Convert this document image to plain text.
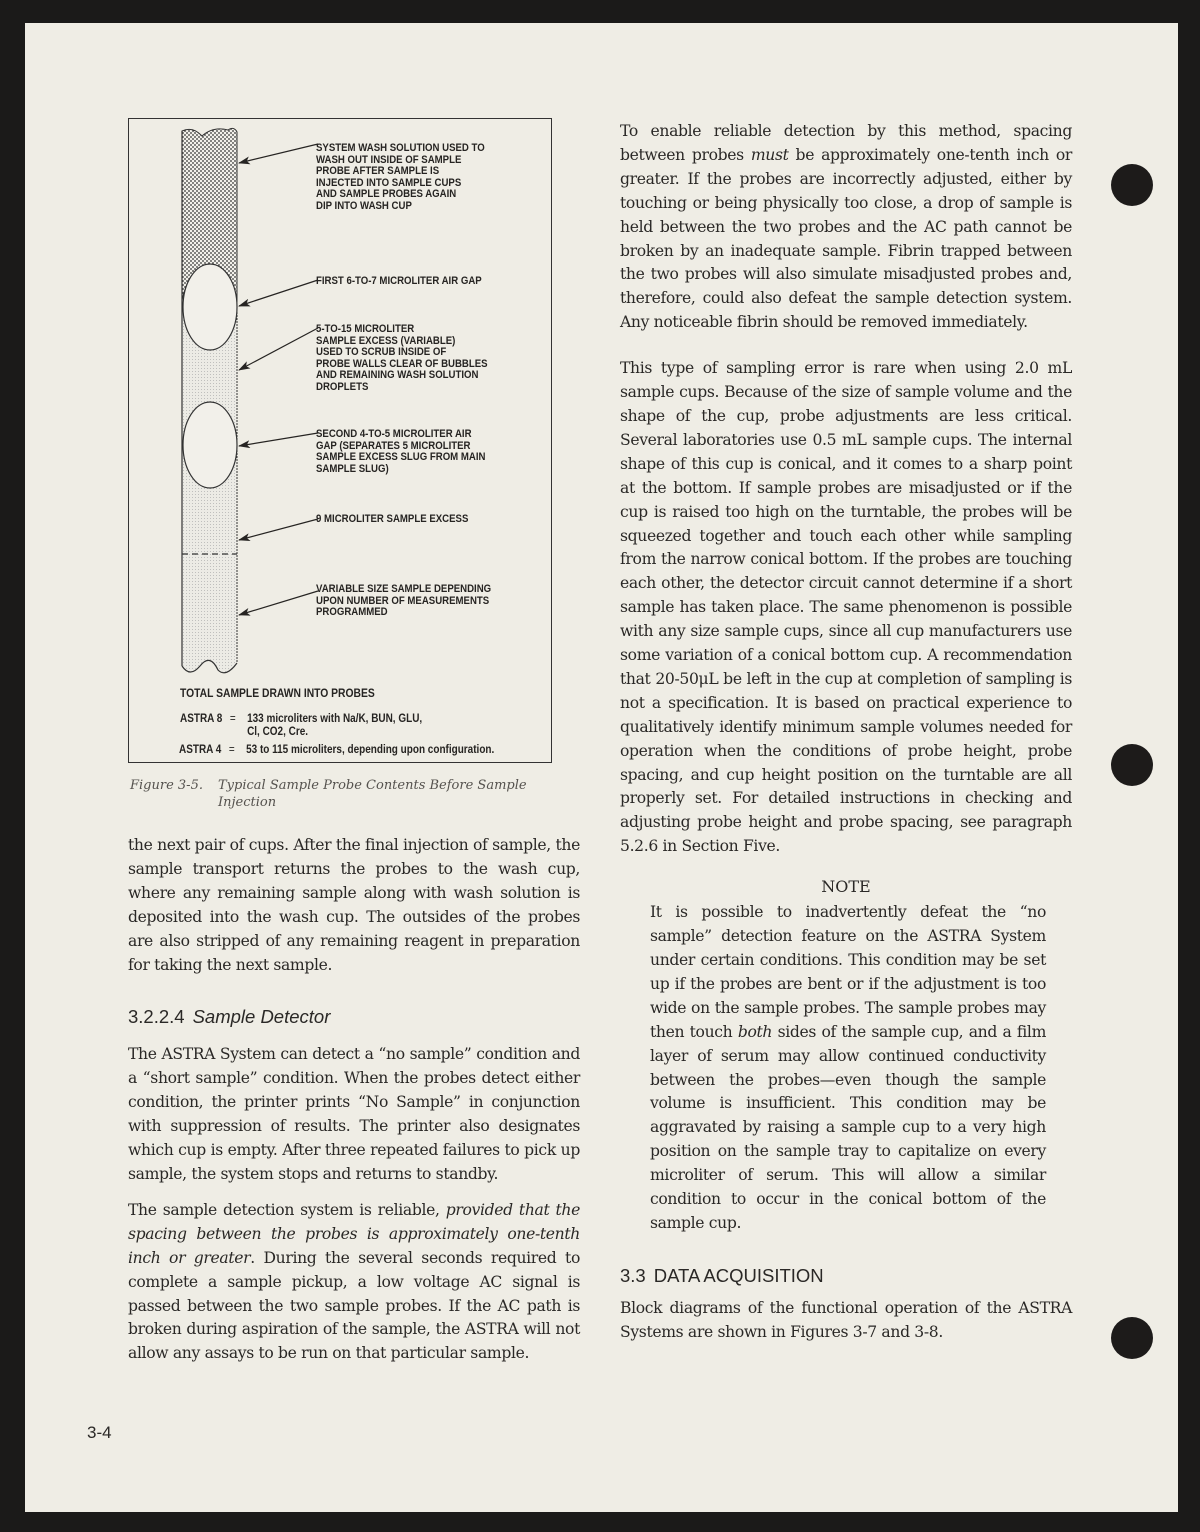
SYSTEM WASH SOLUTION USED TO
WASH OUT INSIDE OF SAMPLE
PROBE AFTER SAMPLE IS
INJECTED INTO SAMPLE CUPS
AND SAMPLE PROBES AGAIN
DIP INTO WASH CUP
FIRST 6-TO-7 MICROLITER AIR GAP
5-TO-15 MICROLITER
SAMPLE EXCESS (VARIABLE)
USED TO SCRUB INSIDE OF
PROBE WALLS CLEAR OF BUBBLES
AND REMAINING WASH SOLUTION
DROPLETS
SECOND 4-TO-5 MICROLITER AIR
GAP (SEPARATES 5 MICROLITER
SAMPLE EXCESS SLUG FROM MAIN
SAMPLE SLUG)
9 MICROLITER SAMPLE EXCESS
VARIABLE SIZE SAMPLE DEPENDING
UPON NUMBER OF MEASUREMENTS
PROGRAMMED
TOTAL SAMPLE DRAWN INTO PROBES
ASTRA 8 = 133 microliters with Na/K, BUN, GLU,
Cl, CO2, Cre.
ASTRA 4 = 53 to 115 microliters, depending upon configuration.
Figure 3-5. Typical Sample Probe Contents Before Sample
Injection

the next pair of cups. After the final injection of sample, the sample transport returns the probes to the wash cup, where any remaining sample along with wash solution is deposited into the wash cup. The outsides of the probes are also stripped of any remaining reagent in preparation for taking the next sample.

3.2.2.4 Sample Detector

The ASTRA System can detect a “no sample” condition and a “short sample” condition. When the probes detect either condition, the printer prints “No Sample” in conjunction with suppression of results. The printer also designates which cup is empty. After three repeated failures to pick up sample, the system stops and returns to standby.

The sample detection system is reliable, provided that the spacing between the probes is approximately one-tenth inch or greater. During the several seconds required to complete a sample pickup, a low voltage AC signal is passed between the two sample probes. If the AC path is broken during aspiration of the sample, the ASTRA will not allow any assays to be run on that particular sample.

To enable reliable detection by this method, spacing between probes must be approximately one-tenth inch or greater. If the probes are incorrectly adjusted, either by touching or being physically too close, a drop of sample is held between the two probes and the AC path cannot be broken by an inadequate sample. Fibrin trapped between the two probes will also simulate misadjusted probes and, therefore, could also defeat the sample detection system. Any noticeable fibrin should be removed immediately.

This type of sampling error is rare when using 2.0 mL sample cups. Because of the size of sample volume and the shape of the cup, probe adjustments are less critical. Several laboratories use 0.5 mL sample cups. The internal shape of this cup is conical, and it comes to a sharp point at the bottom. If sample probes are misadjusted or if the cup is raised too high on the turntable, the probes will be squeezed together and touch each other while sampling from the narrow conical bottom. If the probes are touching each other, the detector circuit cannot determine if a short sample has taken place. The same phenomenon is possible with any size sample cups, since all cup manufacturers use some variation of a conical bottom cup. A recommendation that 20-50μL be left in the cup at completion of sampling is not a specification. It is based on practical experience to qualitatively identify minimum sample volumes needed for operation when the conditions of probe height, probe spacing, and cup height position on the turntable are all properly set. For detailed instructions in checking and adjusting probe height and probe spacing, see paragraph 5.2.6 in Section Five.

NOTE

It is possible to inadvertently defeat the “no sample” detection feature on the ASTRA System under certain conditions. This condition may be set up if the probes are bent or if the adjustment is too wide on the sample probes. The sample probes may then touch both sides of the sample cup, and a film layer of serum may allow continued conductivity between the probes—even though the sample volume is insufficient. This condition may be aggravated by raising a sample cup to a very high position on the sample tray to capitalize on every microliter of serum. This will allow a similar condition to occur in the conical bottom of the sample cup.

3.3 DATA ACQUISITION

Block diagrams of the functional operation of the ASTRA Systems are shown in Figures 3-7 and 3-8.

3-4
